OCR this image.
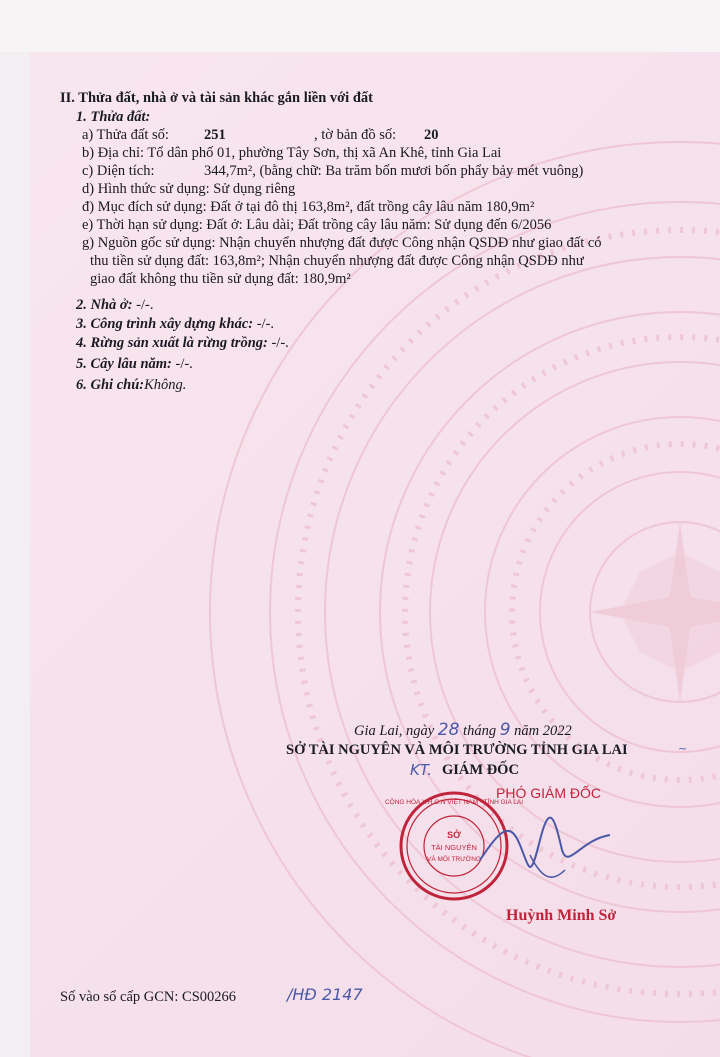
II. Thửa đất, nhà ở và tài sản khác gắn liền với đất
1. Thửa đất:
a) Thửa đất số: 251	, tờ bản đồ số: 20
b) Địa chỉ: Tổ dân phố 01, phường Tây Sơn, thị xã An Khê, tỉnh Gia Lai
c) Diện tích:	344,7m², (bằng chữ: Ba trăm bốn mươi bốn phẩy bảy mét vuông)
d) Hình thức sử dụng: Sử dụng riêng
đ) Mục đích sử dụng: Đất ở tại đô thị 163,8m², đất trồng cây lâu năm 180,9m²
e) Thời hạn sử dụng: Đất ở: Lâu dài; Đất trồng cây lâu năm: Sử dụng đến 6/2056
g) Nguồn gốc sử dụng: Nhận chuyển nhượng đất được Công nhận QSDĐ như giao đất có
thu tiền sử dụng đất: 163,8m²; Nhận chuyển nhượng đất được Công nhận QSDĐ như
giao đất không thu tiền sử dụng đất: 180,9m²
2. Nhà ở: -/-.
3. Công trình xây dựng khác: -/-.
4. Rừng sản xuất là rừng trồng: -/-.
5. Cây lâu năm: -/-.
6. Ghi chú:Không.
Gia Lai, ngày 28 tháng 9 năm 2022
SỞ TÀI NGUYÊN VÀ MÔI TRƯỜNG TỈNH GIA LAI	~
KT. GIÁM ĐỐC
PHÓ GIÁM ĐỐC
CỘNG HÒA X.H.C.N VIỆT NAM · TỈNH GIA LAI
SỞ
TÀI NGUYÊN
VÀ MÔI TRƯỜNG
Huỳnh Minh Sở
Số vào sổ cấp GCN: CS00266	/HĐ 2147
